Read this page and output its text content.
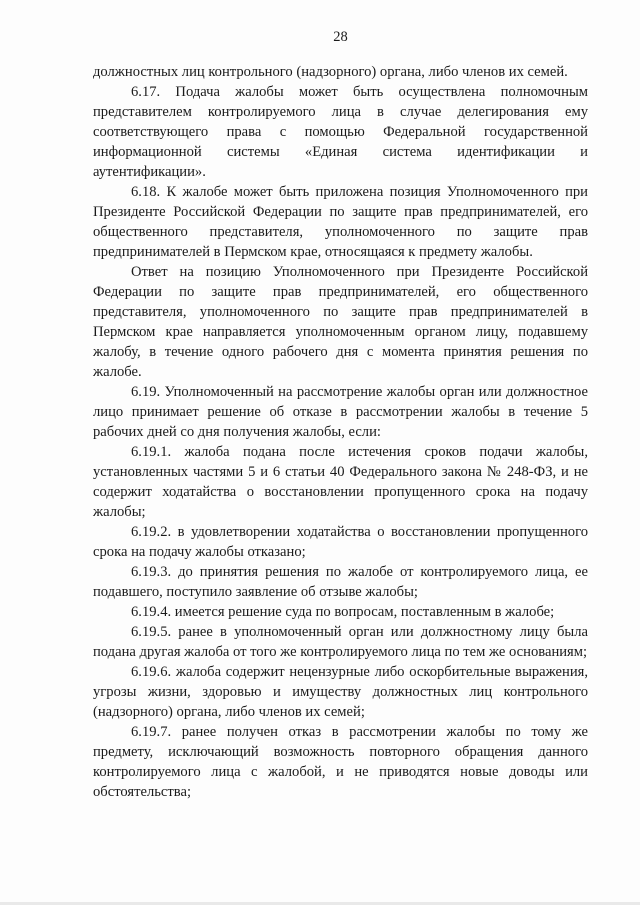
28

должностных лиц контрольного (надзорного) органа, либо членов их семей.

6.17. Подача жалобы может быть осуществлена полномочным представителем контролируемого лица в случае делегирования ему соответствующего права с помощью Федеральной государственной информационной системы «Единая система идентификации и аутентификации».

6.18. К жалобе может быть приложена позиция Уполномоченного при Президенте Российской Федерации по защите прав предпринимателей, его общественного представителя, уполномоченного по защите прав предпринимателей в Пермском крае, относящаяся к предмету жалобы.

Ответ на позицию Уполномоченного при Президенте Российской Федерации по защите прав предпринимателей, его общественного представителя, уполномоченного по защите прав предпринимателей в Пермском крае направляется уполномоченным органом лицу, подавшему жалобу, в течение одного рабочего дня с момента принятия решения по жалобе.

6.19. Уполномоченный на рассмотрение жалобы орган или должностное лицо принимает решение об отказе в рассмотрении жалобы в течение 5 рабочих дней со дня получения жалобы, если:

6.19.1. жалоба подана после истечения сроков подачи жалобы, установленных частями 5 и 6 статьи 40 Федерального закона № 248-ФЗ, и не содержит ходатайства о восстановлении пропущенного срока на подачу жалобы;

6.19.2. в удовлетворении ходатайства о восстановлении пропущенного срока на подачу жалобы отказано;

6.19.3. до принятия решения по жалобе от контролируемого лица, ее подавшего, поступило заявление об отзыве жалобы;

6.19.4. имеется решение суда по вопросам, поставленным в жалобе;

6.19.5. ранее в уполномоченный орган или должностному лицу была подана другая жалоба от того же контролируемого лица по тем же основаниям;

6.19.6. жалоба содержит нецензурные либо оскорбительные выражения, угрозы жизни, здоровью и имуществу должностных лиц контрольного (надзорного) органа, либо членов их семей;

6.19.7. ранее получен отказ в рассмотрении жалобы по тому же предмету, исключающий возможность повторного обращения данного контролируемого лица с жалобой, и не приводятся новые доводы или обстоятельства;
